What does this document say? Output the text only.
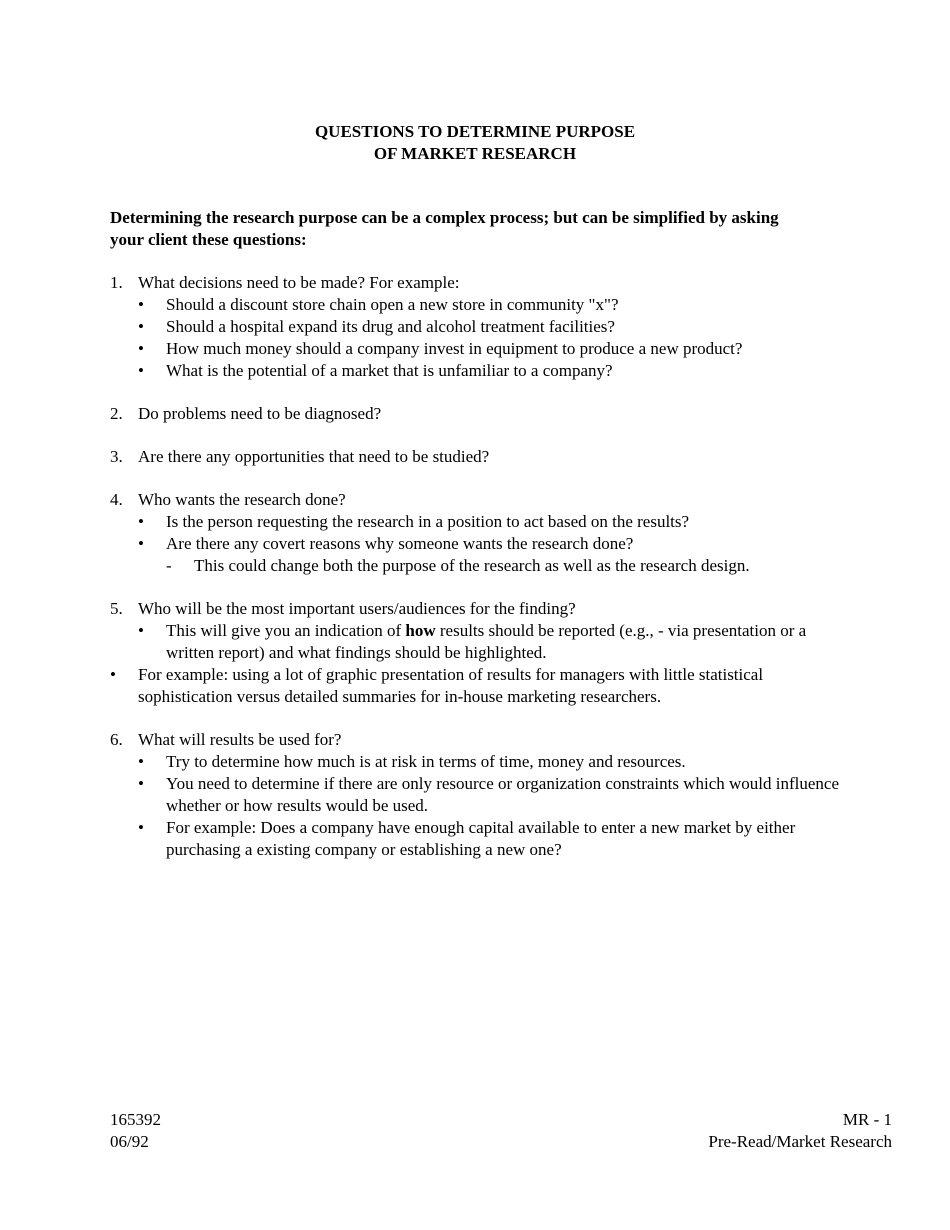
QUESTIONS TO DETERMINE PURPOSE
OF MARKET RESEARCH
Determining the research purpose can be a complex process; but can be simplified by asking your client these questions:
1. What decisions need to be made? For example:
• Should a discount store chain open a new store in community "x"?
• Should a hospital expand its drug and alcohol treatment facilities?
• How much money should a company invest in equipment to produce a new product?
• What is the potential of a market that is unfamiliar to a company?
2. Do problems need to be diagnosed?
3. Are there any opportunities that need to be studied?
4. Who wants the research done?
• Is the person requesting the research in a position to act based on the results?
• Are there any covert reasons why someone wants the research done?
- This could change both the purpose of the research as well as the research design.
5. Who will be the most important users/audiences for the finding?
• This will give you an indication of how results should be reported (e.g., - via presentation or a written report) and what findings should be highlighted.
• For example: using a lot of graphic presentation of results for managers with little statistical sophistication versus detailed summaries for in-house marketing researchers.
6. What will results be used for?
• Try to determine how much is at risk in terms of time, money and resources.
• You need to determine if there are only resource or organization constraints which would influence whether or how results would be used.
• For example: Does a company have enough capital available to enter a new market by either purchasing a existing company or establishing a new one?
165392
06/92
MR - 1
Pre-Read/Market Research
